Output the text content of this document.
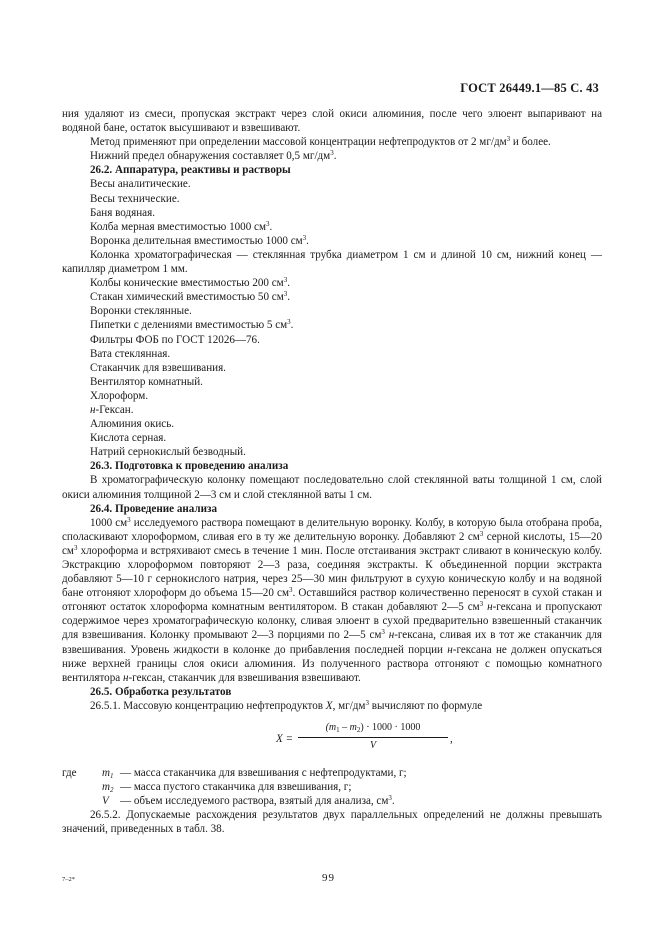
ГОСТ 26449.1—85 С. 43

ния удаляют из смеси, пропуская экстракт через слой окиси алюминия, после чего элюент выпаривают на водяной бане, остаток высушивают и взвешивают.

Метод применяют при определении массовой концентрации нефтепродуктов от 2 $мг/дм^3$ и более.

Нижний предел обнаружения составляет 0,5 $мг/дм^3$.

26.2. Аппаратура, реактивы и растворы

Весы аналитические.

Весы технические.

Баня водяная.

Колба мерная вместимостью 1000 $см^3$.

Воронка делительная вместимостью 1000 $см^3$.

Колонка хроматографическая — стеклянная трубка диаметром 1 см и длиной 10 см, нижний конец — капилляр диаметром 1 мм.

Колбы конические вместимостью 200 $см^3$.

Стакан химический вместимостью 50 $см^3$.

Воронки стеклянные.

Пипетки с делениями вместимостью 5 $см^3$.

Фильтры ФОБ по ГОСТ 12026—76.

Вата стеклянная.

Стаканчик для взвешивания.

Вентилятор комнатный.

Хлороформ.

н-Гексан.

Алюминия окись.

Кислота серная.

Натрий сернокислый безводный.

26.3. Подготовка к проведению анализа

В хроматографическую колонку помещают последовательно слой стеклянной ваты толщиной 1 см, слой окиси алюминия толщиной 2—3 см и слой стеклянной ваты 1 см.

26.4. Проведение анализа

1000 $см^3$ исследуемого раствора помещают в делительную воронку. Колбу, в которую была отобрана проба, споласкивают хлороформом, сливая его в ту же делительную воронку. Добавляют 2 $см^3$ серной кислоты, 15—20 $см^3$ хлороформа и встряхивают смесь в течение 1 мин. После отстаивания экстракт сливают в коническую колбу. Экстракцию хлороформом повторяют 2—3 раза, соединяя экстракты. К объединенной порции экстракта добавляют 5—10 г сернокислого натрия, через 25—30 мин фильтруют в сухую коническую колбу и на водяной бане отгоняют хлороформ до объема 15—20 $см^3$. Оставшийся раствор количественно переносят в сухой стакан и отгоняют остаток хлороформа комнатным вентилятором. В стакан добавляют 2—5 $см^3$ н-гексана и пропускают содержимое через хроматографическую колонку, сливая элюент в сухой предварительно взвешенный стаканчик для взвешивания. Колонку промывают 2—3 порциями по 2—5 $см^3$ н-гексана, сливая их в тот же стаканчик для взвешивания. Уровень жидкости в колонке до прибавления последней порции н-гексана не должен опускаться ниже верхней границы слоя окиси алюминия. Из полученного раствора отгоняют с помощью комнатного вентилятора н-гексан, стаканчик для взвешивания взвешивают.

26.5. Обработка результатов

26.5.1. Массовую концентрацию нефтепродуктов X, $мг/дм^3$ вычисляют по формуле

$X = \frac{(m_1 - m_2) \cdot 1000 \cdot 1000}{V}$ ,
где	$m_1$ — масса стаканчика для взвешивания с нефтепродуктами, г;
$m_2$ — масса пустого стаканчика для взвешивания, г;
V	— объем исследуемого раствора, взятый для анализа, $см^3$.

26.5.2. Допускаемые расхождения результатов двух параллельных определений не должны превышать значений, приведенных в табл. 38.

7–2*	99
